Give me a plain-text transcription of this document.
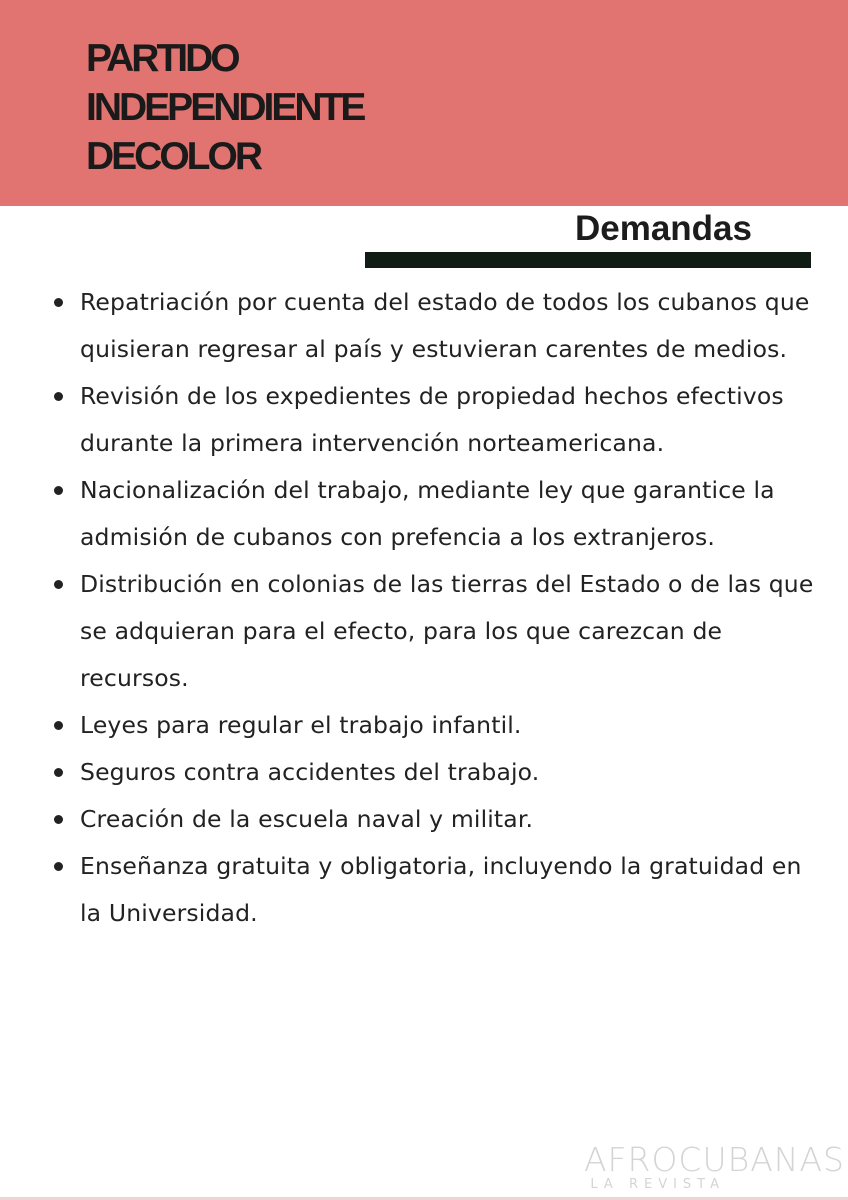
PARTIDO
INDEPENDIENTE
DECOLOR
Demandas
Repatriación por cuenta del estado de todos los cubanos que quisieran regresar al país y estuvieran carentes de medios.
Revisión de los expedientes de propiedad hechos efectivos durante la primera intervención norteamericana.
Nacionalización del trabajo, mediante ley que garantice la admisión de cubanos con prefencia a los extranjeros.
Distribución en colonias de las tierras del Estado o de las que se adquieran para el efecto, para los que carezcan de recursos.
Leyes para regular el trabajo infantil.
Seguros contra accidentes del trabajo.
Creación de la escuela naval y militar.
Enseñanza gratuita y obligatoria, incluyendo la gratuidad en la Universidad.
AFROCUBANAS
LA REVISTA
